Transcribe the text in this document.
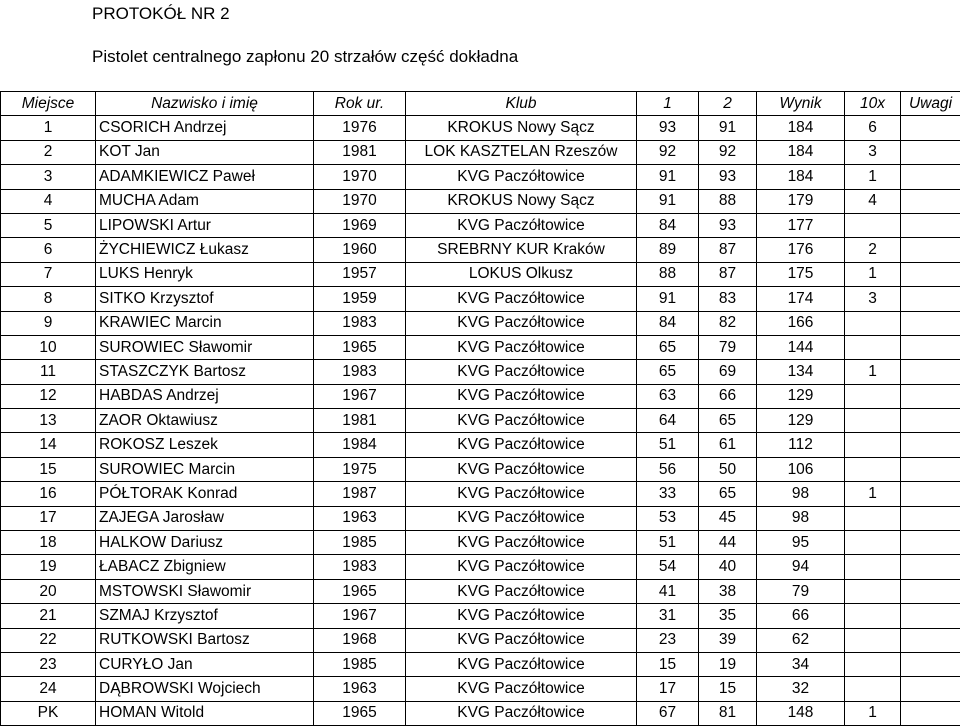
PROTOKÓŁ NR 2
Pistolet centralnego zapłonu 20 strzałów część dokładna
Miejsce	Nazwisko i imię	Rok ur.	Klub	1	2	Wynik	10x	Uwagi
1	CSORICH Andrzej	1976	KROKUS Nowy Sącz	93	91	184	6	
2	KOT Jan	1981	LOK KASZTELAN Rzeszów	92	92	184	3	
3	ADAMKIEWICZ Paweł	1970	KVG Paczółtowice	91	93	184	1	
4	MUCHA Adam	1970	KROKUS Nowy Sącz	91	88	179	4	
5	LIPOWSKI Artur	1969	KVG Paczółtowice	84	93	177		
6	ŻYCHIEWICZ Łukasz	1960	SREBRNY KUR Kraków	89	87	176	2	
7	LUKS Henryk	1957	LOKUS Olkusz	88	87	175	1	
8	SITKO Krzysztof	1959	KVG Paczółtowice	91	83	174	3	
9	KRAWIEC Marcin	1983	KVG Paczółtowice	84	82	166		
10	SUROWIEC Sławomir	1965	KVG Paczółtowice	65	79	144		
11	STASZCZYK Bartosz	1983	KVG Paczółtowice	65	69	134	1	
12	HABDAS Andrzej	1967	KVG Paczółtowice	63	66	129		
13	ZAOR Oktawiusz	1981	KVG Paczółtowice	64	65	129		
14	ROKOSZ Leszek	1984	KVG Paczółtowice	51	61	112		
15	SUROWIEC Marcin	1975	KVG Paczółtowice	56	50	106		
16	PÓŁTORAK Konrad	1987	KVG Paczółtowice	33	65	98	1	
17	ZAJEGA Jarosław	1963	KVG Paczółtowice	53	45	98		
18	HALKOW Dariusz	1985	KVG Paczółtowice	51	44	95		
19	ŁABACZ Zbigniew	1983	KVG Paczółtowice	54	40	94		
20	MSTOWSKI Sławomir	1965	KVG Paczółtowice	41	38	79		
21	SZMAJ Krzysztof	1967	KVG Paczółtowice	31	35	66		
22	RUTKOWSKI Bartosz	1968	KVG Paczółtowice	23	39	62		
23	CURYŁO Jan	1985	KVG Paczółtowice	15	19	34		
24	DĄBROWSKI Wojciech	1963	KVG Paczółtowice	17	15	32		
PK	HOMAN Witold	1965	KVG Paczółtowice	67	81	148	1	
